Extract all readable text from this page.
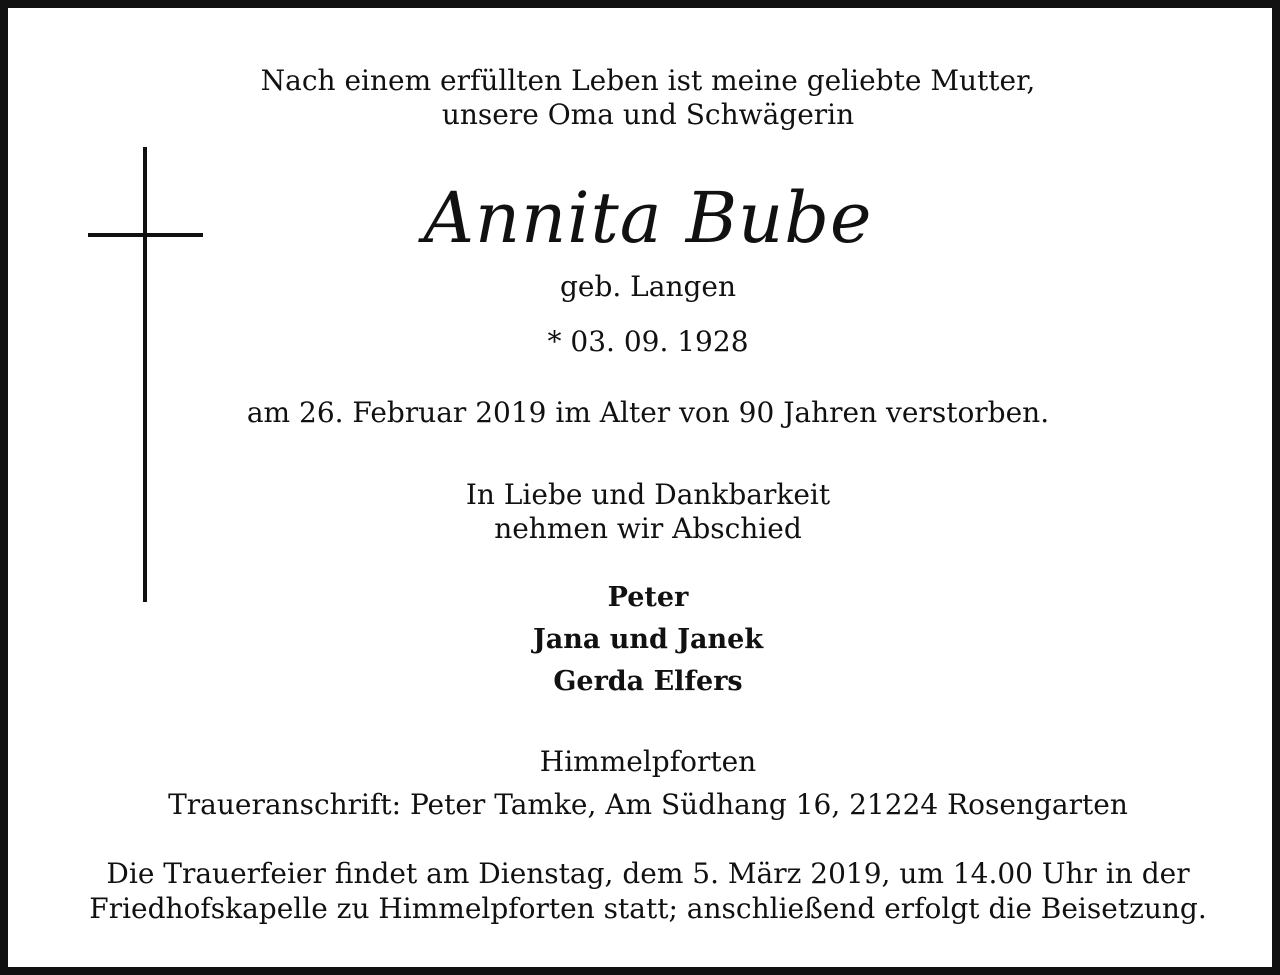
Nach einem erfüllten Leben ist meine geliebte Mutter,
unsere Oma und Schwägerin
Annita Bube
geb. Langen
* 03. 09. 1928
am 26. Februar 2019 im Alter von 90 Jahren verstorben.
In Liebe und Dankbarkeit
nehmen wir Abschied
Peter
Jana und Janek
Gerda Elfers
Himmelpforten
Traueranschrift: Peter Tamke, Am Südhang 16, 21224 Rosengarten
Die Trauerfeier findet am Dienstag, dem 5. März 2019, um 14.00 Uhr in der
Friedhofskapelle zu Himmelpforten statt; anschließend erfolgt die Beisetzung.
